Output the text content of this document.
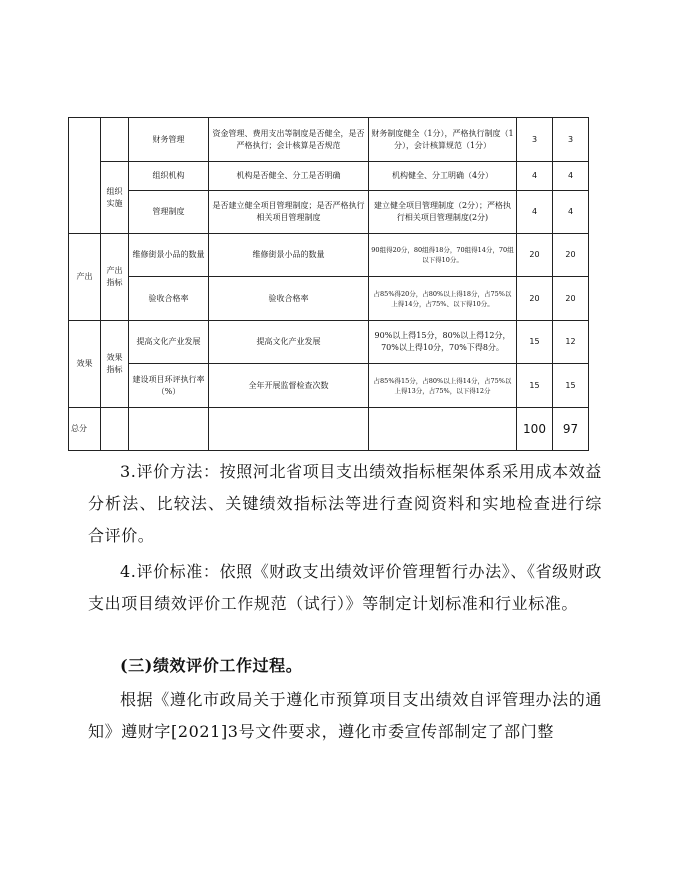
		财务管理	资金管理、费用支出等制度是否健全，是否严格执行；会计核算是否规范	财务制度健全（1分），严格执行制度（1分），会计核算规范（1分）	3	3
	组织实施	组织机构	机构是否健全、分工是否明确	机构健全、分工明确（4分）	4	4
		管理制度	是否建立健全项目管理制度；是否严格执行相关项目管理制度	建立健全项目管理制度（2分）；严格执行相关项目管理制度(2分)	4	4
产出	产出指标	维修街景小品的数量	维修街景小品的数量	90组得20分，80组得18分，70组得14分，70组以下得10分。	20	20
		验收合格率	验收合格率	占85%得20分，占80%以上得18分，占75%以上得14分，占75%、以下得10分。	20	20
效果	效果指标	提高文化产业发展	提高文化产业发展	90%以上得15分，80%以上得12分，70%以上得10分，70%下得8分。	15	12
		建设项目环评执行率（%）	全年开展监督检查次数	占85%得15分，占80%以上得14分，占75%以上得13分，占75%，以下得12分	15	15
总分					100	97

3.评价方法：按照河北省项目支出绩效指标框架体系采用成本效益分析法、比较法、关键绩效指标法等进行查阅资料和实地检查进行综合评价。

4.评价标准：依照《财政支出绩效评价管理暂行办法》、《省级财政支出项目绩效评价工作规范（试行）》等制定计划标准和行业标准。

(三)绩效评价工作过程。

根据《遵化市政局关于遵化市预算项目支出绩效自评管理办法的通知》遵财字[2021]3号文件要求，遵化市委宣传部制定了部门整
